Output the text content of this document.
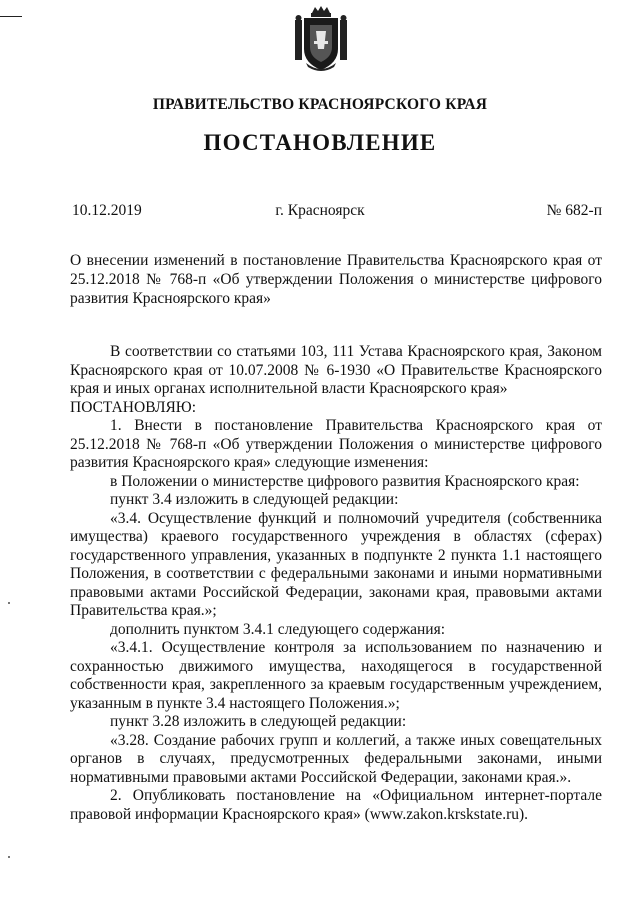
ПРАВИТЕЛЬСТВО КРАСНОЯРСКОГО КРАЯ
ПОСТАНОВЛЕНИЕ
10.12.2019	г. Красноярск	№ 682-п
О внесении изменений в постановление Правительства Красноярского края от 25.12.2018 № 768-п «Об утверждении Положения о министерстве цифрового развития Красноярского края»

В соответствии со статьями 103, 111 Устава Красноярского края, Законом Красноярского края от 10.07.2008 № 6-1930 «О Правительстве Красноярского края и иных органах исполнительной власти Красноярского края»

ПОСТАНОВЛЯЮ:

1. Внести в постановление Правительства Красноярского края от 25.12.2018 № 768-п «Об утверждении Положения о министерстве цифрового развития Красноярского края» следующие изменения:

в Положении о министерстве цифрового развития Красноярского края:

пункт 3.4 изложить в следующей редакции:

«3.4. Осуществление функций и полномочий учредителя (собственника имущества) краевого государственного учреждения в областях (сферах) государственного управления, указанных в подпункте 2 пункта 1.1 настоящего Положения, в соответствии с федеральными законами и иными нормативными правовыми актами Российской Федерации, законами края, правовыми актами Правительства края.»;

дополнить пунктом 3.4.1 следующего содержания:

«3.4.1. Осуществление контроля за использованием по назначению и сохранностью движимого имущества, находящегося в государственной собственности края, закрепленного за краевым государственным учреждением, указанным в пункте 3.4 настоящего Положения.»;

пункт 3.28 изложить в следующей редакции:

«3.28. Создание рабочих групп и коллегий, а также иных совещательных органов в случаях, предусмотренных федеральными законами, иными нормативными правовыми актами Российской Федерации, законами края.».

2. Опубликовать постановление на «Официальном интернет-портале правовой информации Красноярского края» (www.zakon.krskstate.ru).
